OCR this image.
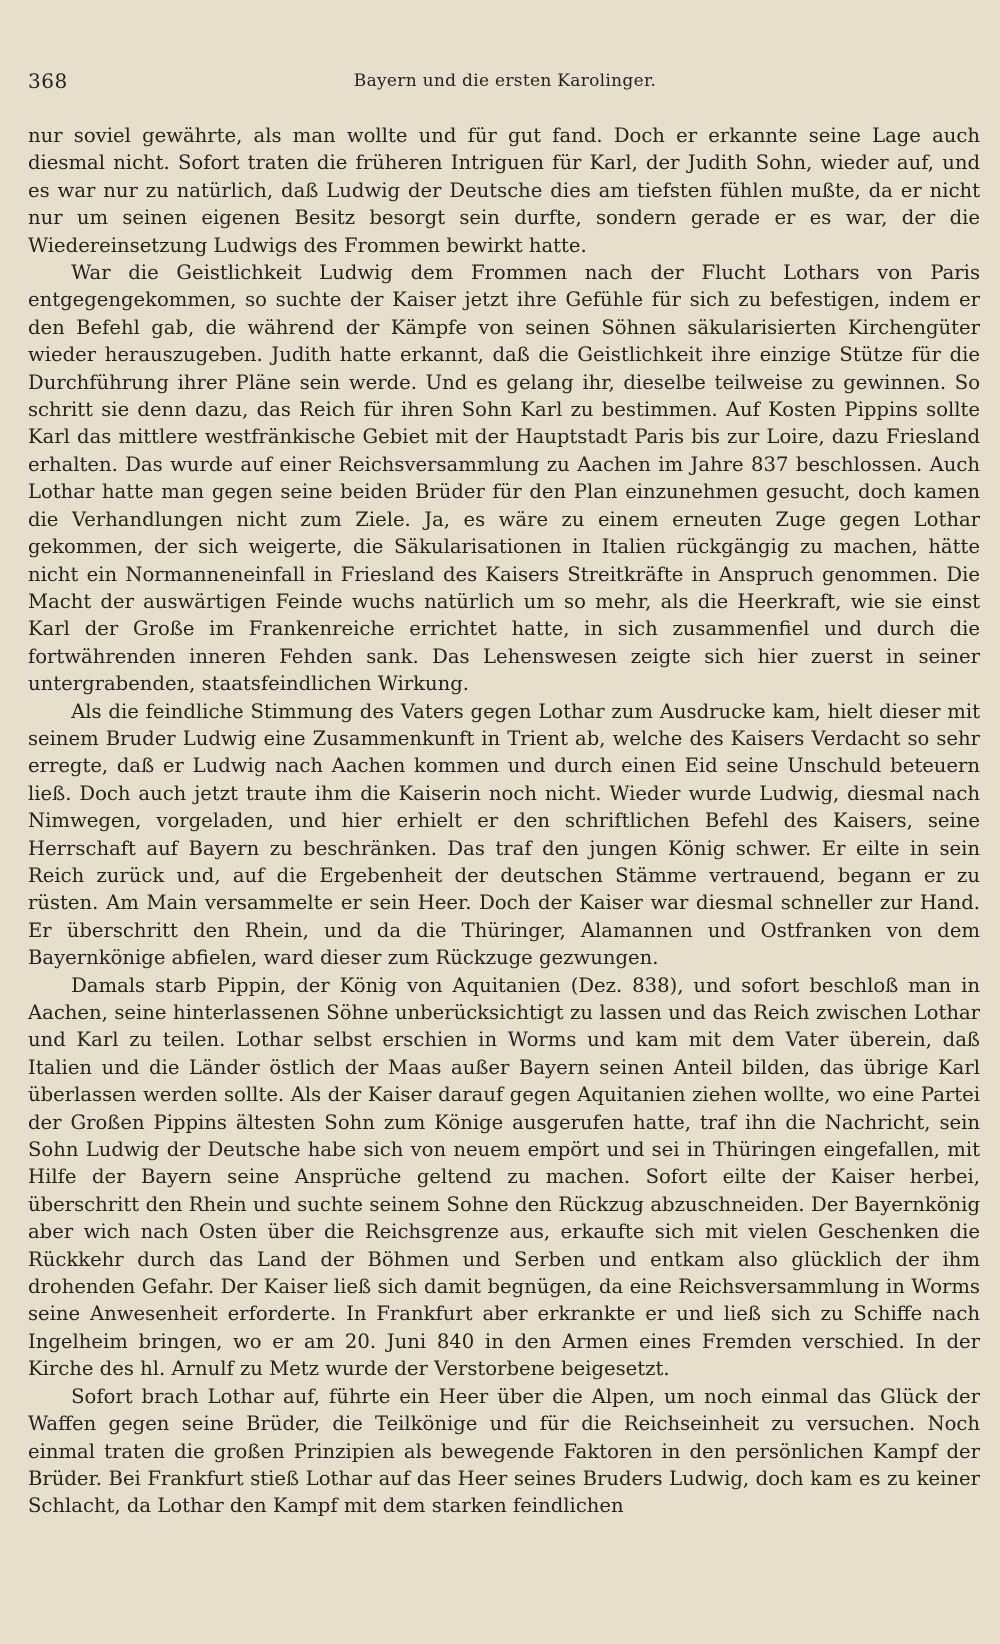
368	Bayern und die ersten Karolinger.

nur soviel gewährte, als man wollte und für gut fand. Doch er erkannte seine Lage auch diesmal nicht. Sofort traten die früheren Intriguen für Karl, der Judith Sohn, wieder auf, und es war nur zu natürlich, daß Ludwig der Deutsche dies am tiefsten fühlen mußte, da er nicht nur um seinen eigenen Besitz besorgt sein durfte, sondern gerade er es war, der die Wiedereinsetzung Ludwigs des Frommen bewirkt hatte.

War die Geistlichkeit Ludwig dem Frommen nach der Flucht Lothars von Paris entgegengekommen, so suchte der Kaiser jetzt ihre Gefühle für sich zu befestigen, indem er den Befehl gab, die während der Kämpfe von seinen Söhnen säkularisierten Kirchengüter wieder herauszugeben. Judith hatte erkannt, daß die Geistlichkeit ihre einzige Stütze für die Durchführung ihrer Pläne sein werde. Und es gelang ihr, dieselbe teilweise zu gewinnen. So schritt sie denn dazu, das Reich für ihren Sohn Karl zu bestimmen. Auf Kosten Pippins sollte Karl das mittlere westfränkische Gebiet mit der Hauptstadt Paris bis zur Loire, dazu Friesland erhalten. Das wurde auf einer Reichsversammlung zu Aachen im Jahre 837 beschlossen. Auch Lothar hatte man gegen seine beiden Brüder für den Plan einzunehmen gesucht, doch kamen die Verhandlungen nicht zum Ziele. Ja, es wäre zu einem erneuten Zuge gegen Lothar gekommen, der sich weigerte, die Säkularisationen in Italien rückgängig zu machen, hätte nicht ein Normanneneinfall in Friesland des Kaisers Streitkräfte in Anspruch genommen. Die Macht der auswärtigen Feinde wuchs natürlich um so mehr, als die Heerkraft, wie sie einst Karl der Große im Frankenreiche errichtet hatte, in sich zusammenfiel und durch die fortwährenden inneren Fehden sank. Das Lehenswesen zeigte sich hier zuerst in seiner untergrabenden, staatsfeindlichen Wirkung.

Als die feindliche Stimmung des Vaters gegen Lothar zum Ausdrucke kam, hielt dieser mit seinem Bruder Ludwig eine Zusammenkunft in Trient ab, welche des Kaisers Verdacht so sehr erregte, daß er Ludwig nach Aachen kommen und durch einen Eid seine Unschuld beteuern ließ. Doch auch jetzt traute ihm die Kaiserin noch nicht. Wieder wurde Ludwig, diesmal nach Nimwegen, vorgeladen, und hier erhielt er den schriftlichen Befehl des Kaisers, seine Herrschaft auf Bayern zu beschränken. Das traf den jungen König schwer. Er eilte in sein Reich zurück und, auf die Ergebenheit der deutschen Stämme vertrauend, begann er zu rüsten. Am Main versammelte er sein Heer. Doch der Kaiser war diesmal schneller zur Hand. Er überschritt den Rhein, und da die Thüringer, Alamannen und Ostfranken von dem Bayernkönige abfielen, ward dieser zum Rückzuge gezwungen.

Damals starb Pippin, der König von Aquitanien (Dez. 838), und sofort beschloß man in Aachen, seine hinterlassenen Söhne unberücksichtigt zu lassen und das Reich zwischen Lothar und Karl zu teilen. Lothar selbst erschien in Worms und kam mit dem Vater überein, daß Italien und die Länder östlich der Maas außer Bayern seinen Anteil bilden, das übrige Karl überlassen werden sollte. Als der Kaiser darauf gegen Aquitanien ziehen wollte, wo eine Partei der Großen Pippins ältesten Sohn zum Könige ausgerufen hatte, traf ihn die Nachricht, sein Sohn Ludwig der Deutsche habe sich von neuem empört und sei in Thüringen eingefallen, mit Hilfe der Bayern seine Ansprüche geltend zu machen. Sofort eilte der Kaiser herbei, überschritt den Rhein und suchte seinem Sohne den Rückzug abzuschneiden. Der Bayernkönig aber wich nach Osten über die Reichsgrenze aus, erkaufte sich mit vielen Geschenken die Rückkehr durch das Land der Böhmen und Serben und entkam also glücklich der ihm drohenden Gefahr. Der Kaiser ließ sich damit begnügen, da eine Reichsversammlung in Worms seine Anwesenheit erforderte. In Frankfurt aber erkrankte er und ließ sich zu Schiffe nach Ingelheim bringen, wo er am 20. Juni 840 in den Armen eines Fremden verschied. In der Kirche des hl. Arnulf zu Metz wurde der Verstorbene beigesetzt.

Sofort brach Lothar auf, führte ein Heer über die Alpen, um noch einmal das Glück der Waffen gegen seine Brüder, die Teilkönige und für die Reichseinheit zu versuchen. Noch einmal traten die großen Prinzipien als bewegende Faktoren in den persönlichen Kampf der Brüder. Bei Frankfurt stieß Lothar auf das Heer seines Bruders Ludwig, doch kam es zu keiner Schlacht, da Lothar den Kampf mit dem starken feindlichen
